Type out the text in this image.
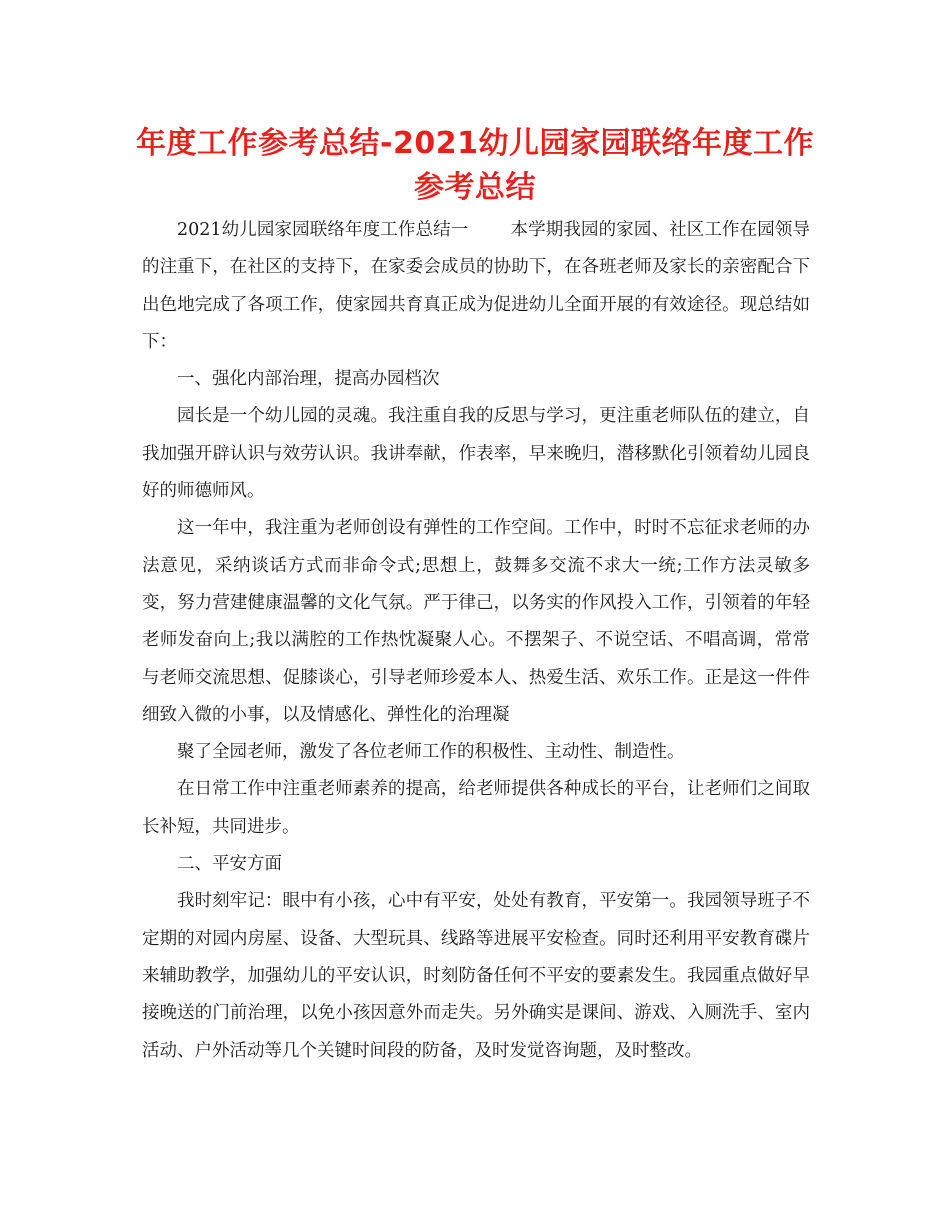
年度工作参考总结-2021幼儿园家园联络年度工作参考总结

2021幼儿园家园联络年度工作总结一 本学期我园的家园、社区工作在园领导的注重下，在社区的支持下，在家委会成员的协助下，在各班老师及家长的亲密配合下出色地完成了各项工作，使家园共育真正成为促进幼儿全面开展的有效途径。现总结如下：

一、强化内部治理，提高办园档次

园长是一个幼儿园的灵魂。我注重自我的反思与学习，更注重老师队伍的建立，自我加强开辟认识与效劳认识。我讲奉献，作表率，早来晚归，潜移默化引领着幼儿园良好的师德师风。

这一年中，我注重为老师创设有弹性的工作空间。工作中，时时不忘征求老师的办法意见，采纳谈话方式而非命令式;思想上，鼓舞多交流不求大一统;工作方法灵敏多变，努力营建健康温馨的文化气氛。严于律己，以务实的作风投入工作，引领着的年轻老师发奋向上;我以满腔的工作热忱凝聚人心。不摆架子、不说空话、不唱高调，常常与老师交流思想、促膝谈心，引导老师珍爱本人、热爱生活、欢乐工作。正是这一件件细致入微的小事，以及情感化、弹性化的治理凝

聚了全园老师，激发了各位老师工作的积极性、主动性、制造性。

在日常工作中注重老师素养的提高，给老师提供各种成长的平台，让老师们之间取长补短，共同进步。

二、平安方面

我时刻牢记：眼中有小孩，心中有平安，处处有教育，平安第一。我园领导班子不定期的对园内房屋、设备、大型玩具、线路等进展平安检查。同时还利用平安教育碟片来辅助教学，加强幼儿的平安认识，时刻防备任何不平安的要素发生。我园重点做好早接晚送的门前治理，以免小孩因意外而走失。另外确实是课间、游戏、入厕洗手、室内活动、户外活动等几个关键时间段的防备，及时发觉咨询题，及时整改。
